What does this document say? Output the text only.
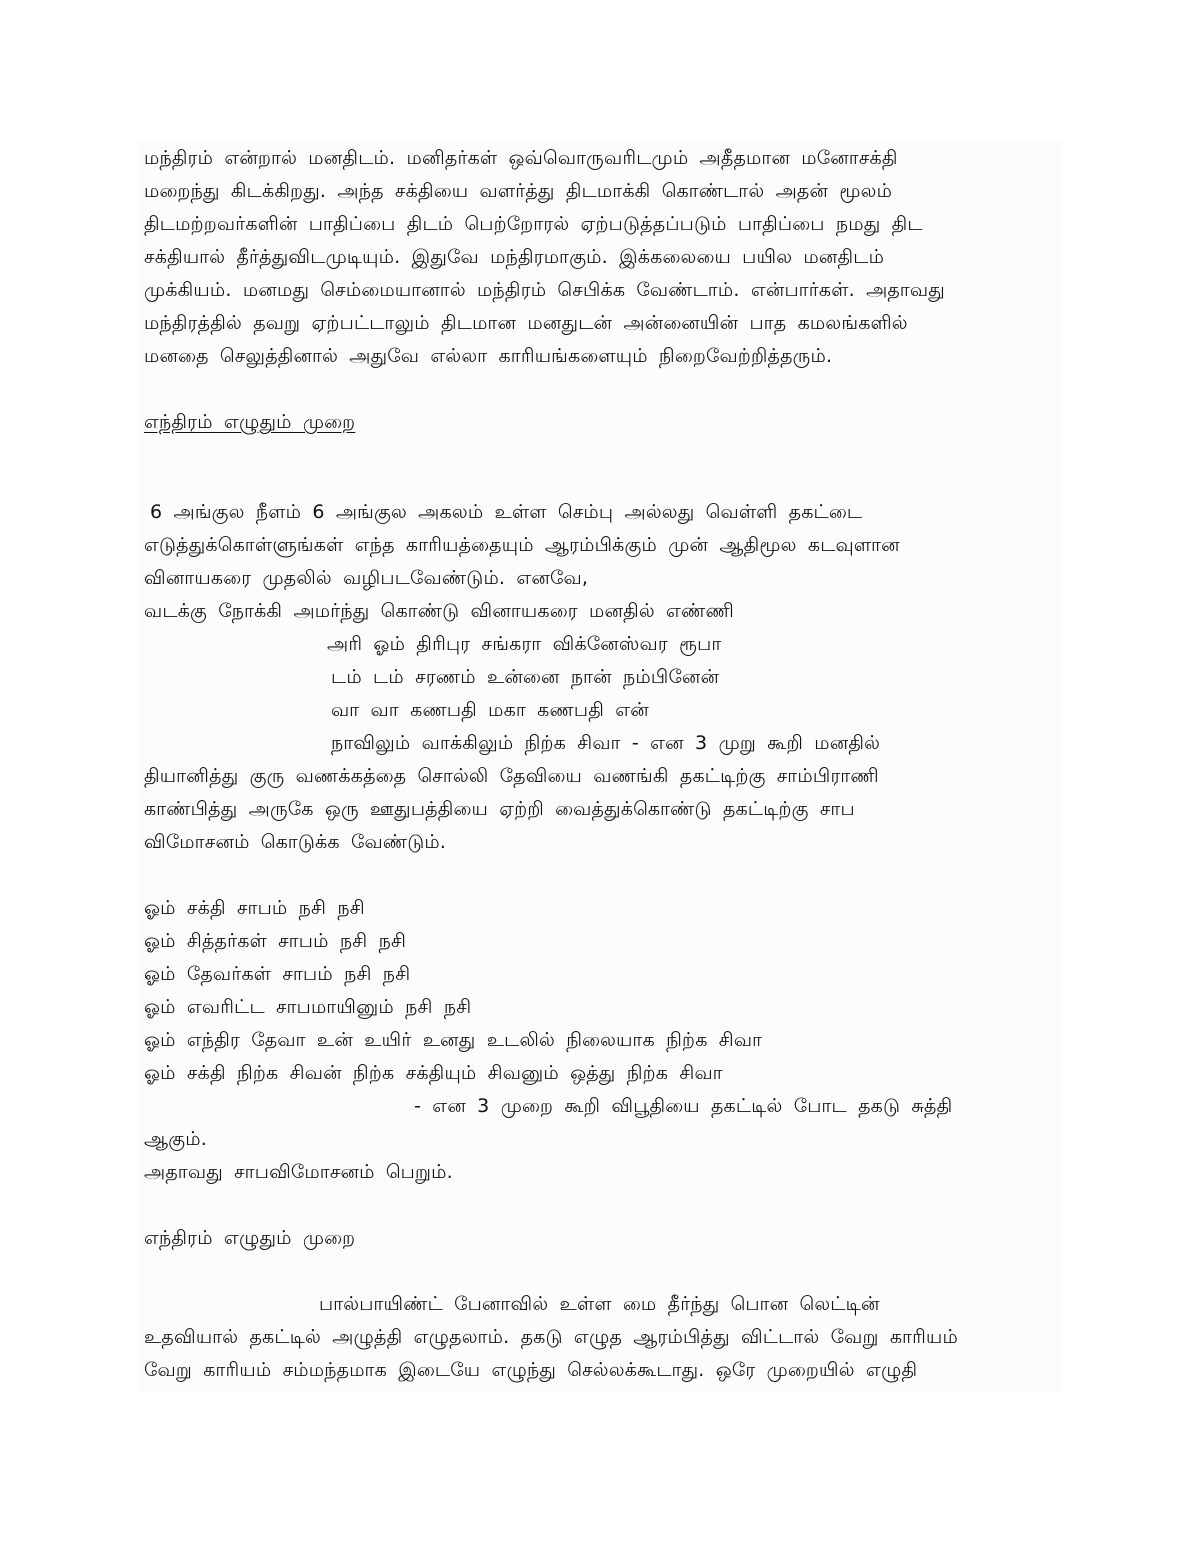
மந்திரம் என்றால் மனதிடம். மனிதர்கள் ஒவ்வொருவரிடமும் அதீதமான மனோசக்தி
மறைந்து கிடக்கிறது. அந்த சக்தியை வளர்த்து திடமாக்கி கொண்டால் அதன் மூலம்
திடமற்றவர்களின் பாதிப்பை திடம் பெற்றோரல் ஏற்படுத்தப்படும் பாதிப்பை நமது திட
சக்தியால் தீர்த்துவிடமுடியும். இதுவே மந்திரமாகும். இக்கலையை பயில மனதிடம்
முக்கியம். மனமது செம்மையானால் மந்திரம் செபிக்க வேண்டாம். என்பார்கள். அதாவது
மந்திரத்தில் தவறு ஏற்பட்டாலும் திடமான மனதுடன் அன்னையின் பாத கமலங்களில்
மனதை செலுத்தினால் அதுவே எல்லா காரியங்களையும் நிறைவேற்றித்தரும்.
எந்திரம் எழுதும் முறை
6 அங்குல நீளம் 6 அங்குல அகலம் உள்ள செம்பு அல்லது வெள்ளி தகட்டை
எடுத்துக்கொள்ளுங்கள் எந்த காரியத்தையும் ஆரம்பிக்கும் முன் ஆதிமூல கடவுளான
வினாயகரை முதலில் வழிபடவேண்டும். எனவே,
வடக்கு நோக்கி அமர்ந்து கொண்டு வினாயகரை மனதில் எண்ணி
அரி ஓம் திரிபுர சங்கரா விக்னேஸ்வர ரூபா
டம் டம் சரணம் உன்னை நான் நம்பினேன்
வா வா கணபதி மகா கணபதி என்
நாவிலும் வாக்கிலும் நிற்க சிவா - என 3 முறு கூறி மனதில்
தியானித்து குரு வணக்கத்தை சொல்லி தேவியை வணங்கி தகட்டிற்கு சாம்பிராணி
காண்பித்து அருகே ஒரு ஊதுபத்தியை ஏற்றி வைத்துக்கொண்டு தகட்டிற்கு சாப
விமோசனம் கொடுக்க வேண்டும்.
ஓம் சக்தி சாபம் நசி நசி
ஓம் சித்தர்கள் சாபம் நசி நசி
ஓம் தேவர்கள் சாபம் நசி நசி
ஓம் எவரிட்ட சாபமாயினும் நசி நசி
ஓம் எந்திர தேவா உன் உயிர் உனது உடலில் நிலையாக நிற்க சிவா
ஓம் சக்தி நிற்க சிவன் நிற்க சக்தியும் சிவனும் ஒத்து நிற்க சிவா
- என 3 முறை கூறி விபூதியை தகட்டில் போட தகடு சுத்தி
ஆகும்.
அதாவது சாபவிமோசனம் பெறும்.
எந்திரம் எழுதும் முறை
பால்பாயிண்ட் பேனாவில் உள்ள மை தீர்ந்து பொன லெட்டின்
உதவியால் தகட்டில் அழுத்தி எழுதலாம். தகடு எழுத ஆரம்பித்து விட்டால் வேறு காரியம்
வேறு காரியம் சம்மந்தமாக இடையே எழுந்து செல்லக்கூடாது. ஒரே முறையில் எழுதி
